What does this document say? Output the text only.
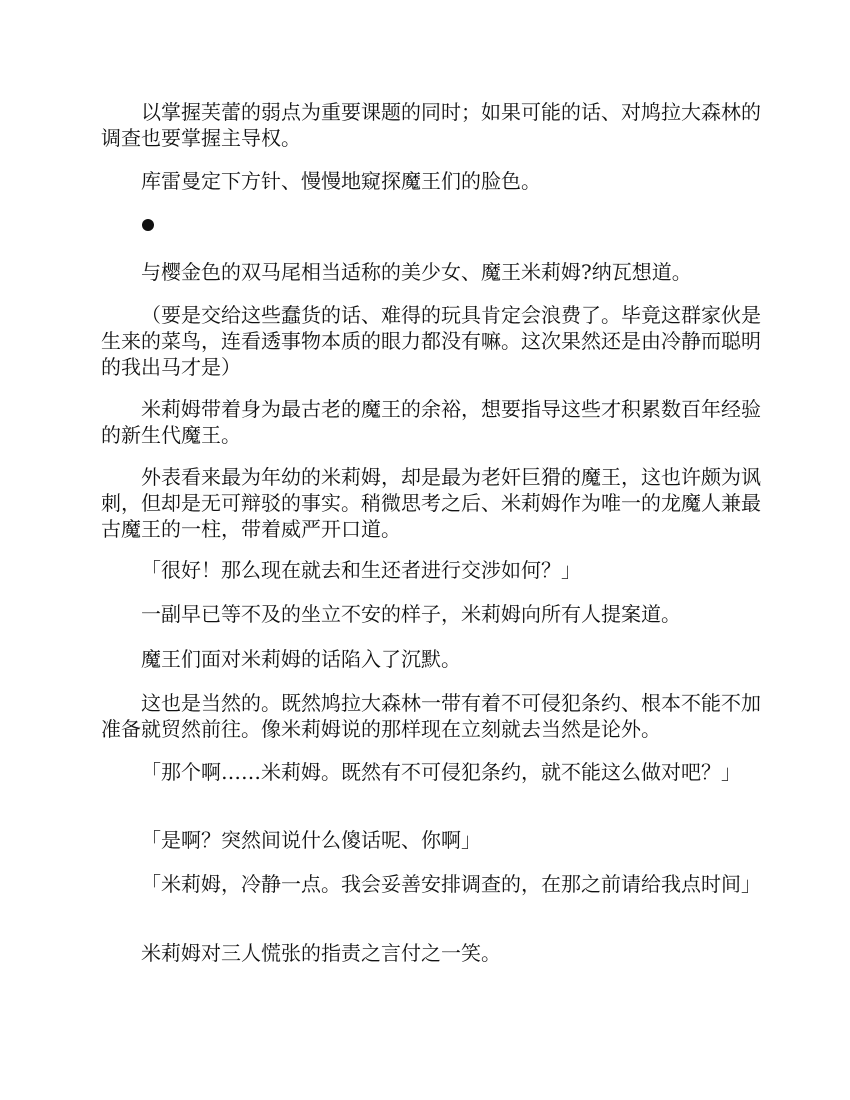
以掌握芙蕾的弱点为重要课题的同时；如果可能的话、对鸠拉大森林的调查也要掌握主导权。

库雷曼定下方针、慢慢地窥探魔王们的脸色。

与樱金色的双马尾相当适称的美少女、魔王米莉姆?纳瓦想道。

（要是交给这些蠢货的话、难得的玩具肯定会浪费了。毕竟这群家伙是生来的菜鸟，连看透事物本质的眼力都没有嘛。这次果然还是由冷静而聪明的我出马才是）

米莉姆带着身为最古老的魔王的余裕，想要指导这些才积累数百年经验的新生代魔王。

外表看来最为年幼的米莉姆，却是最为老奸巨猾的魔王，这也许颇为讽刺，但却是无可辩驳的事实。稍微思考之后、米莉姆作为唯一的龙魔人兼最古魔王的一柱，带着威严开口道。

「很好！那么现在就去和生还者进行交涉如何？」

一副早已等不及的坐立不安的样子，米莉姆向所有人提案道。

魔王们面对米莉姆的话陷入了沉默。

这也是当然的。既然鸠拉大森林一带有着不可侵犯条约、根本不能不加准备就贸然前往。像米莉姆说的那样现在立刻就去当然是论外。

「那个啊……米莉姆。既然有不可侵犯条约，就不能这么做对吧？」

「是啊？突然间说什么傻话呢、你啊」

「米莉姆，冷静一点。我会妥善安排调查的，在那之前请给我点时间」

米莉姆对三人慌张的指责之言付之一笑。
